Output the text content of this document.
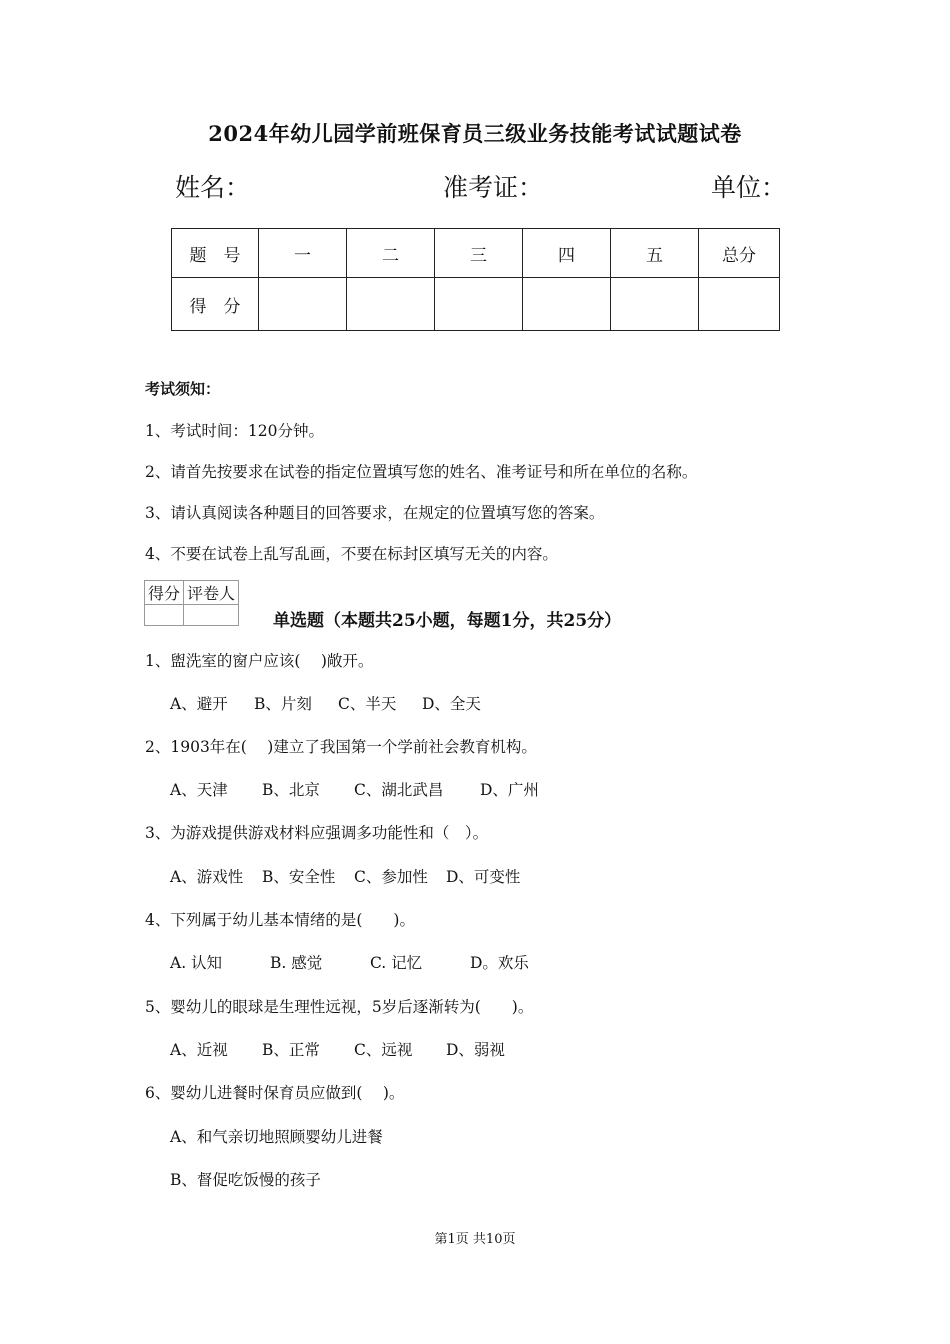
2024年幼儿园学前班保育员三级业务技能考试试题试卷
姓名：	准考证：	单位：
题　号	一	二	三	四	五	总分
得　分						
考试须知：
1、考试时间：120分钟。
2、请首先按要求在试卷的指定位置填写您的姓名、准考证号和所在单位的名称。
3、请认真阅读各种题目的回答要求，在规定的位置填写您的答案。
4、不要在试卷上乱写乱画，不要在标封区填写无关的内容。
得分	评卷人

单选题（本题共25小题，每题1分，共25分）
1、盥洗室的窗户应该(　 )敞开。
A、避开 B、片刻 C、半天 D、全天
2、1903年在(　 )建立了我国第一个学前社会教育机构。
A、天津 B、北京 C、湖北武昌 D、广州
3、为游戏提供游戏材料应强调多功能性和（　）。
A、游戏性 B、安全性 C、参加性 D、可变性
4、下列属于幼儿基本情绪的是(　　)。
A. 认知	B. 感觉	C. 记忆	D。欢乐
5、婴幼儿的眼球是生理性远视，5岁后逐渐转为(　　)。
A、近视 B、正常 C、远视 D、弱视
6、婴幼儿进餐时保育员应做到(　 )。
A、和气亲切地照顾婴幼儿进餐
B、督促吃饭慢的孩子
第1页 共10页
